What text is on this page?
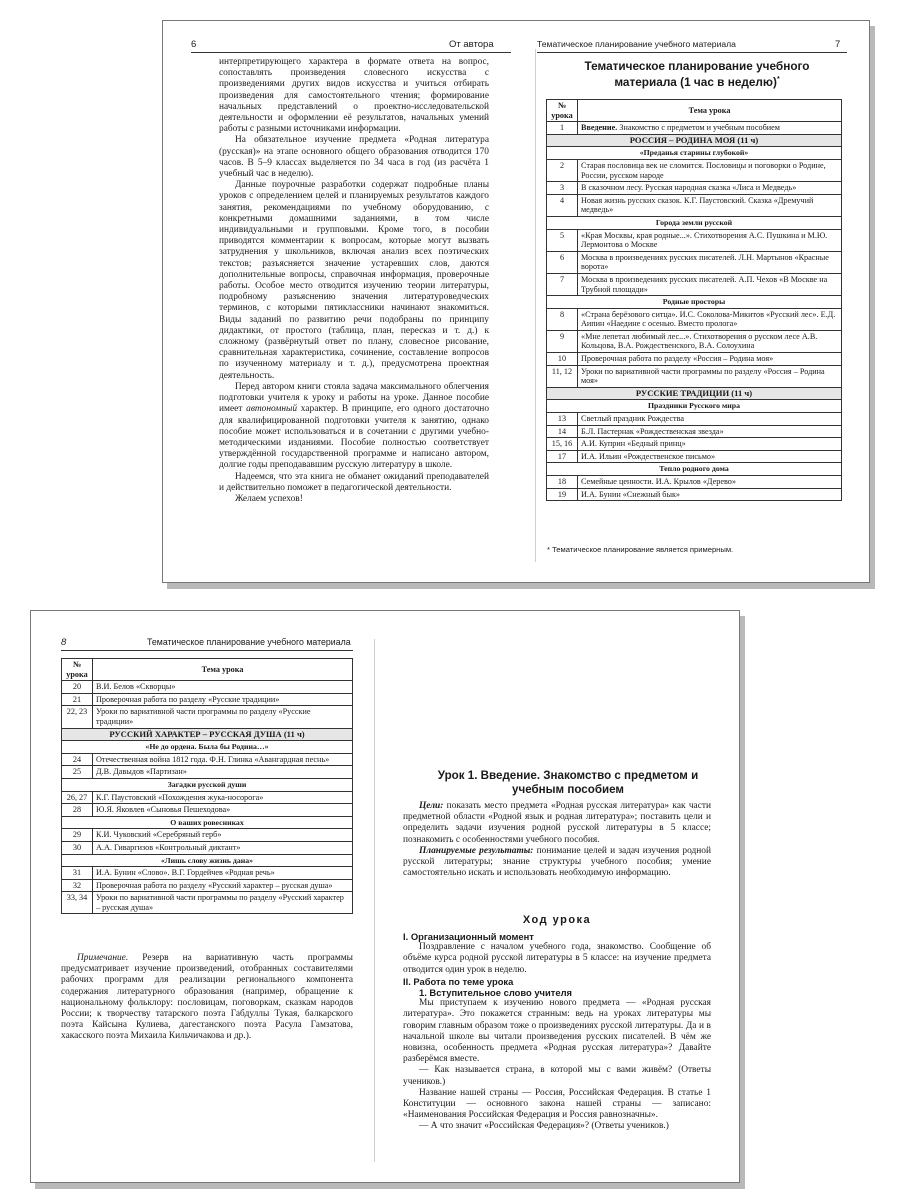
6	От автора	Тематическое планирование учебного материала	7

интерпретирующего характера в формате ответа на вопрос, сопоставлять произведения словесного искусства с произведениями других видов искусства и учиться отбирать произведения для самостоятельного чтения; формирование начальных представлений о проектно-исследовательской деятельности и оформлении её результатов, начальных умений работы с разными источниками информации.

На обязательное изучение предмета «Родная литература (русская)» на этапе основного общего образования отводится 170 часов. В 5–9 классах выделяется по 34 часа в год (из расчёта 1 учебный час в неделю).

Данные поурочные разработки содержат подробные планы уроков с определением целей и планируемых результатов каждого занятия, рекомендациями по учебному оборудованию, с конкретными домашними заданиями, в том числе индивидуальными и групповыми. Кроме того, в пособии приводятся комментарии к вопросам, которые могут вызвать затруднения у школьников, включая анализ всех поэтических текстов; разъясняется значение устаревших слов, даются дополнительные вопросы, справочная информация, проверочные работы. Особое место отводится изучению теории литературы, подробному разъяснению значения литературоведческих терминов, с которыми пятиклассники начинают знакомиться. Виды заданий по развитию речи подобраны по принципу дидактики, от простого (таблица, план, пересказ и т. д.) к сложному (развёрнутый ответ по плану, словесное рисование, сравнительная характеристика, сочинение, составление вопросов по изученному материалу и т. д.), предусмотрена проектная деятельность.

Перед автором книги стояла задача максимального облегчения подготовки учителя к уроку и работы на уроке. Данное пособие имеет автономный характер. В принципе, его одного достаточно для квалифицированной подготовки учителя к занятию, однако пособие может использоваться и в сочетании с другими учебно-методическими изданиями. Пособие полностью соответствует утверждённой государственной программе и написано автором, долгие годы преподававшим русскую литературу в школе.

Надеемся, что эта книга не обманет ожиданий преподавателей и действительно поможет в педагогической деятельности.

Желаем успехов!

Тематическое планирование учебного материала (1 час в неделю)*
№ урока	Тема урока
1	Введение. Знакомство с предметом и учебным пособием
РОССИЯ – РОДИНА МОЯ (11 ч)	
«Преданья старины глубокой»	
2	Старая пословица век не сломится. Пословицы и поговорки о Родине, России, русском народе
3	В сказочном лесу. Русская народная сказка «Лиса и Медведь»
4	Новая жизнь русских сказок. К.Г. Паустовский. Сказка «Дремучий медведь»
Города земли русской	
5	«Края Москвы, края родные...». Стихотворения А.С. Пушкина и М.Ю. Лермонтова о Москве
6	Москва в произведениях русских писателей. Л.Н. Мартынов «Красные ворота»
7	Москва в произведениях русских писателей. А.П. Чехов «В Москве на Трубной площади»
Родные просторы	
8	«Страна берёзового ситца». И.С. Соколова-Микитов «Русский лес». Е.Д. Аипин «Наедине с осенью. Вместо пролога»
9	«Мне лепетал любимый лес...». Стихотворения о русском лесе А.В. Кольцова, В.А. Рождественского, В.А. Солоухина
10	Проверочная работа по разделу «Россия – Родина моя»
11, 12	Уроки по вариативной части программы по разделу «Россия – Родина моя»
РУССКИЕ ТРАДИЦИИ (11 ч)	
Праздники Русского мира	
13	Светлый праздник Рождества
14	Б.Л. Пастернак «Рождественская звезда»
15, 16	А.И. Куприн «Бедный принц»
17	И.А. Ильин «Рождественское письмо»
Тепло родного дома	
18	Семейные ценности. И.А. Крылов «Дерево»
19	И.А. Бунин «Снежный бык»
* Тематическое планирование является примерным.
8	Тематическое планирование учебного материала
№ урока	Тема урока
20	В.И. Белов «Скворцы»
21	Проверочная работа по разделу «Русские традиции»
22, 23	Уроки по вариативной части программы по разделу «Русские традиции»
РУССКИЙ ХАРАКТЕР – РУССКАЯ ДУША (11 ч)	
«Не до ордена. Была бы Родина…»	
24	Отечественная война 1812 года. Ф.Н. Глинка «Авангардная песнь»
25	Д.В. Давыдов «Партизан»
Загадки русской души	
26, 27	К.Г. Паустовский «Похождения жука-носорога»
28	Ю.Я. Яковлев «Сыновья Пешеходова»
О ваших ровесниках	
29	К.И. Чуковский «Серебряный герб»
30	А.А. Гиваргизов «Контрольный диктант»
«Лишь слову жизнь дана»	
31	И.А. Бунин «Слово». В.Г. Гордейчев «Родная речь»
32	Проверочная работа по разделу «Русский характер – русская душа»
33, 34	Уроки по вариативной части программы по разделу «Русский характер – русская душа»

Примечание. Резерв на вариативную часть программы предусматривает изучение произведений, отобранных составителями рабочих программ для реализации регионального компонента содержания литературного образования (например, обращение к национальному фольклору: пословицам, поговоркам, сказкам народов России; к творчеству татарского поэта Габдуллы Тукая, балкарского поэта Кайсына Кулиева, дагестанского поэта Расула Гамзатова, хакасского поэта Михаила Кильчичакова и др.).

Урок 1. Введение. Знакомство с предметом и учебным пособием

Цели: показать место предмета «Родная русская литература» как части предметной области «Родной язык и родная литература»; поставить цели и определить задачи изучения родной русской литературы в 5 классе; познакомить с особенностями учебного пособия.

Планируемые результаты: понимание целей и задач изучения родной русской литературы; знание структуры учебного пособия; умение самостоятельно искать и использовать необходимую информацию.

Ход урока

I. Организационный момент

Поздравление с началом учебного года, знакомство. Сообщение об объёме курса родной русской литературы в 5 классе: на изучение предмета отводится один урок в неделю.

II. Работа по теме урока

1. Вступительное слово учителя

Мы приступаем к изучению нового предмета — «Родная русская литература». Это покажется странным: ведь на уроках литературы мы говорим главным образом тоже о произведениях русской литературы. Да и в начальной школе вы читали произведения русских писателей. В чём же новизна, особенность предмета «Родная русская литература»? Давайте разберёмся вместе.

— Как называется страна, в которой мы с вами живём? (Ответы учеников.)

Название нашей страны — Россия, Российская Федерация. В статье 1 Конституции — основного закона нашей страны — записано: «Наименования Российская Федерация и Россия равнозначны».

— А что значит «Российская Федерация»? (Ответы учеников.)
